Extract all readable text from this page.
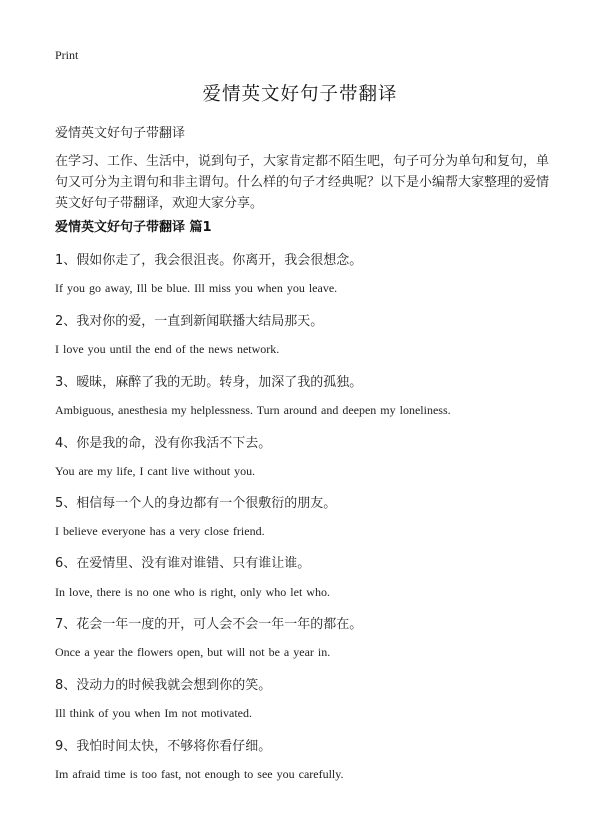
Print
爱情英文好句子带翻译
爱情英文好句子带翻译
在学习、工作、生活中，说到句子，大家肯定都不陌生吧，句子可分为单句和复句，单句又可分为主谓句和非主谓句。什么样的句子才经典呢？以下是小编帮大家整理的爱情英文好句子带翻译，欢迎大家分享。
爱情英文好句子带翻译 篇1
1、假如你走了，我会很沮丧。你离开，我会很想念。
If you go away, Ill be blue. Ill miss you when you leave.
2、我对你的爱，一直到新闻联播大结局那天。
I love you until the end of the news network.
3、暧昧，麻醉了我的无助。转身，加深了我的孤独。
Ambiguous, anesthesia my helplessness. Turn around and deepen my loneliness.
4、你是我的命，没有你我活不下去。
You are my life, I cant live without you.
5、相信每一个人的身边都有一个很敷衍的朋友。
I believe everyone has a very close friend.
6、在爱情里、没有谁对谁错、只有谁让谁。
In love, there is no one who is right, only who let who.
7、花会一年一度的开，可人会不会一年一年的都在。
Once a year the flowers open, but will not be a year in.
8、没动力的时候我就会想到你的笑。
Ill think of you when Im not motivated.
9、我怕时间太快，不够将你看仔细。
Im afraid time is too fast, not enough to see you carefully.
